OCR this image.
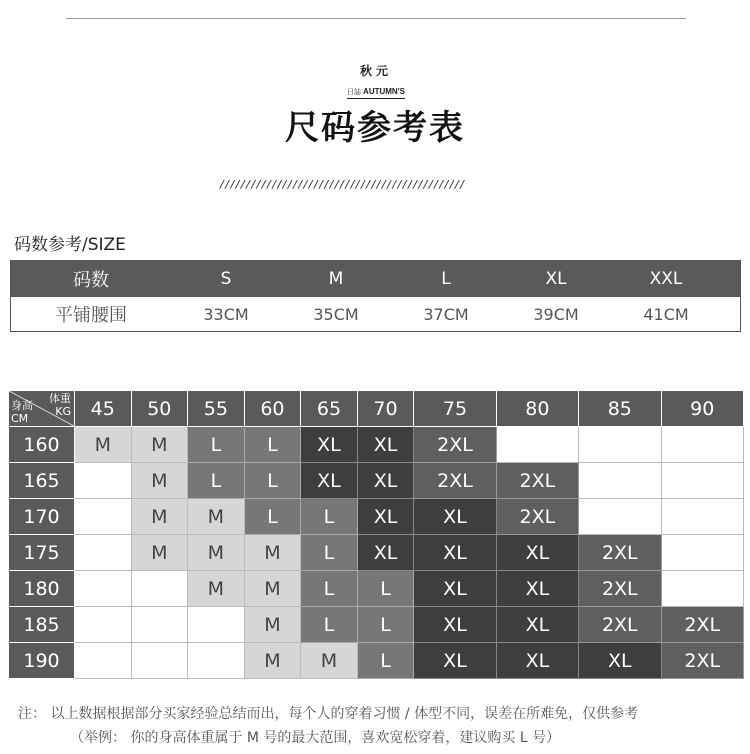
秋元
日誌 AUTUMN'S
尺码参考表
///////////////////////////////////////////////
码数参考/SIZE
码数	S	M	L	XL	XXL
平铺腰围	33CM	35CM	37CM	39CM	41CM
体重
KG
身高
CM	45	50	55	60	65	70	75	80	85	90
160	M	M	L	L	XL	XL	2XL			
165		M	L	L	XL	XL	2XL	2XL		
170		M	M	L	L	XL	XL	2XL		
175		M	M	M	L	XL	XL	XL	2XL	
180			M	M	L	L	XL	XL	2XL	
185				M	L	L	XL	XL	2XL	2XL
190				M	M	L	XL	XL	XL	2XL
注： 以上数据根据部分买家经验总结而出，每个人的穿着习惯 / 体型不同，误差在所难免，仅供参考
（举例： 你的身高体重属于 M 号的最大范围，喜欢宽松穿着，建议购买 L 号）
